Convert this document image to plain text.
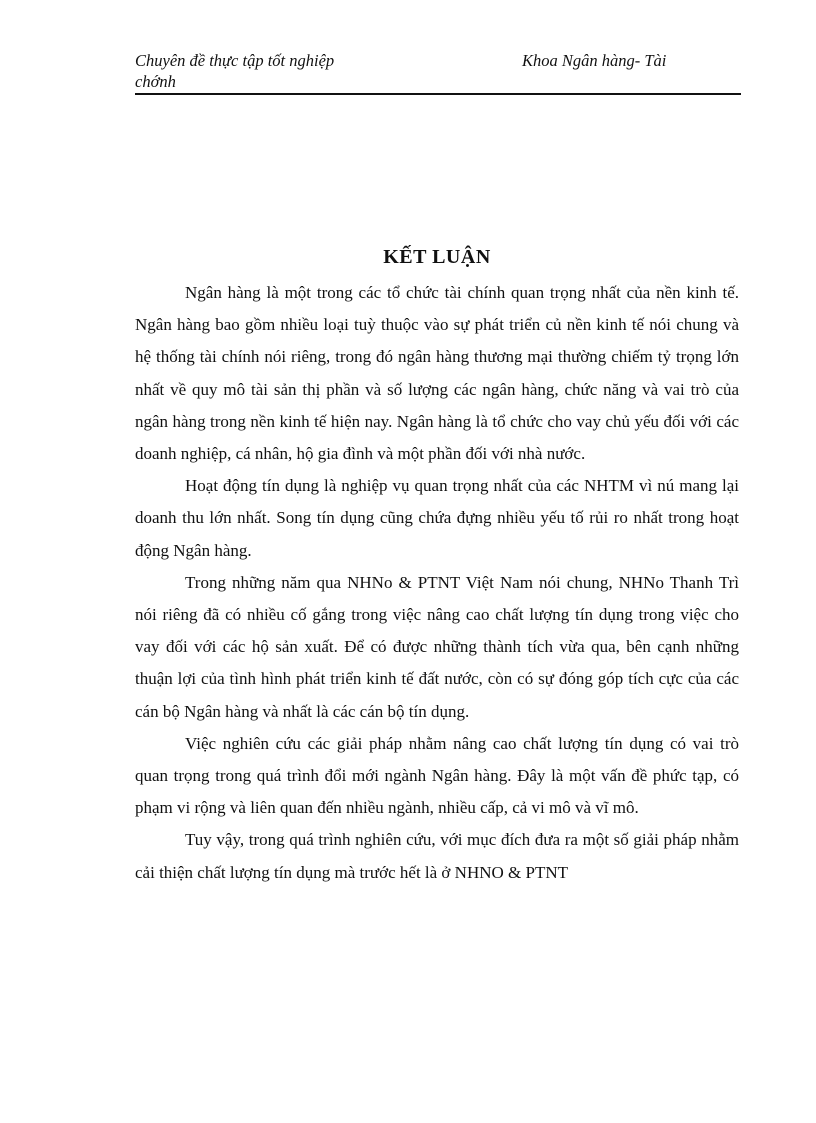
Chuyên đề thực tập tốt nghiệp
chớnh
Khoa Ngân hàng- Tài
KẾT LUẬN

Ngân hàng là một trong các tổ chức tài chính quan trọng nhất của nền kinh tế. Ngân hàng bao gồm nhiều loại tuỳ thuộc vào sự phát triển củ nền kinh tế nói chung và hệ thống tài chính nói riêng, trong đó ngân hàng thương mại thường chiếm tỷ trọng lớn nhất về quy mô tài sản thị phần và số lượng các ngân hàng, chức năng và vai trò của ngân hàng trong nền kinh tế hiện nay. Ngân hàng là tổ chức cho vay chủ yếu đối với các doanh nghiệp, cá nhân, hộ gia đình và một phần đối với nhà nước.

Hoạt động tín dụng là nghiệp vụ quan trọng nhất của các NHTM vì nú mang lại doanh thu lớn nhất. Song tín dụng cũng chứa đựng nhiều yếu tố rủi ro nhất trong hoạt động Ngân hàng.

Trong những năm qua NHNo & PTNT Việt Nam nói chung, NHNo Thanh Trì nói riêng đã có nhiều cố gắng trong việc nâng cao chất lượng tín dụng trong việc cho vay đối với các hộ sản xuất. Để có được những thành tích vừa qua, bên cạnh những thuận lợi của tình hình phát triển kinh tế đất nước, còn có sự đóng góp tích cực của các cán bộ Ngân hàng và nhất là các cán bộ tín dụng.

Việc nghiên cứu các giải pháp nhằm nâng cao chất lượng tín dụng có vai trò quan trọng trong quá trình đổi mới ngành Ngân hàng. Đây là một vấn đề phức tạp, có phạm vi rộng và liên quan đến nhiều ngành, nhiều cấp, cả vi mô và vĩ mô.

Tuy vậy, trong quá trình nghiên cứu, với mục đích đưa ra một số giải pháp nhằm cải thiện chất lượng tín dụng mà trước hết là ở NHNO & PTNT
